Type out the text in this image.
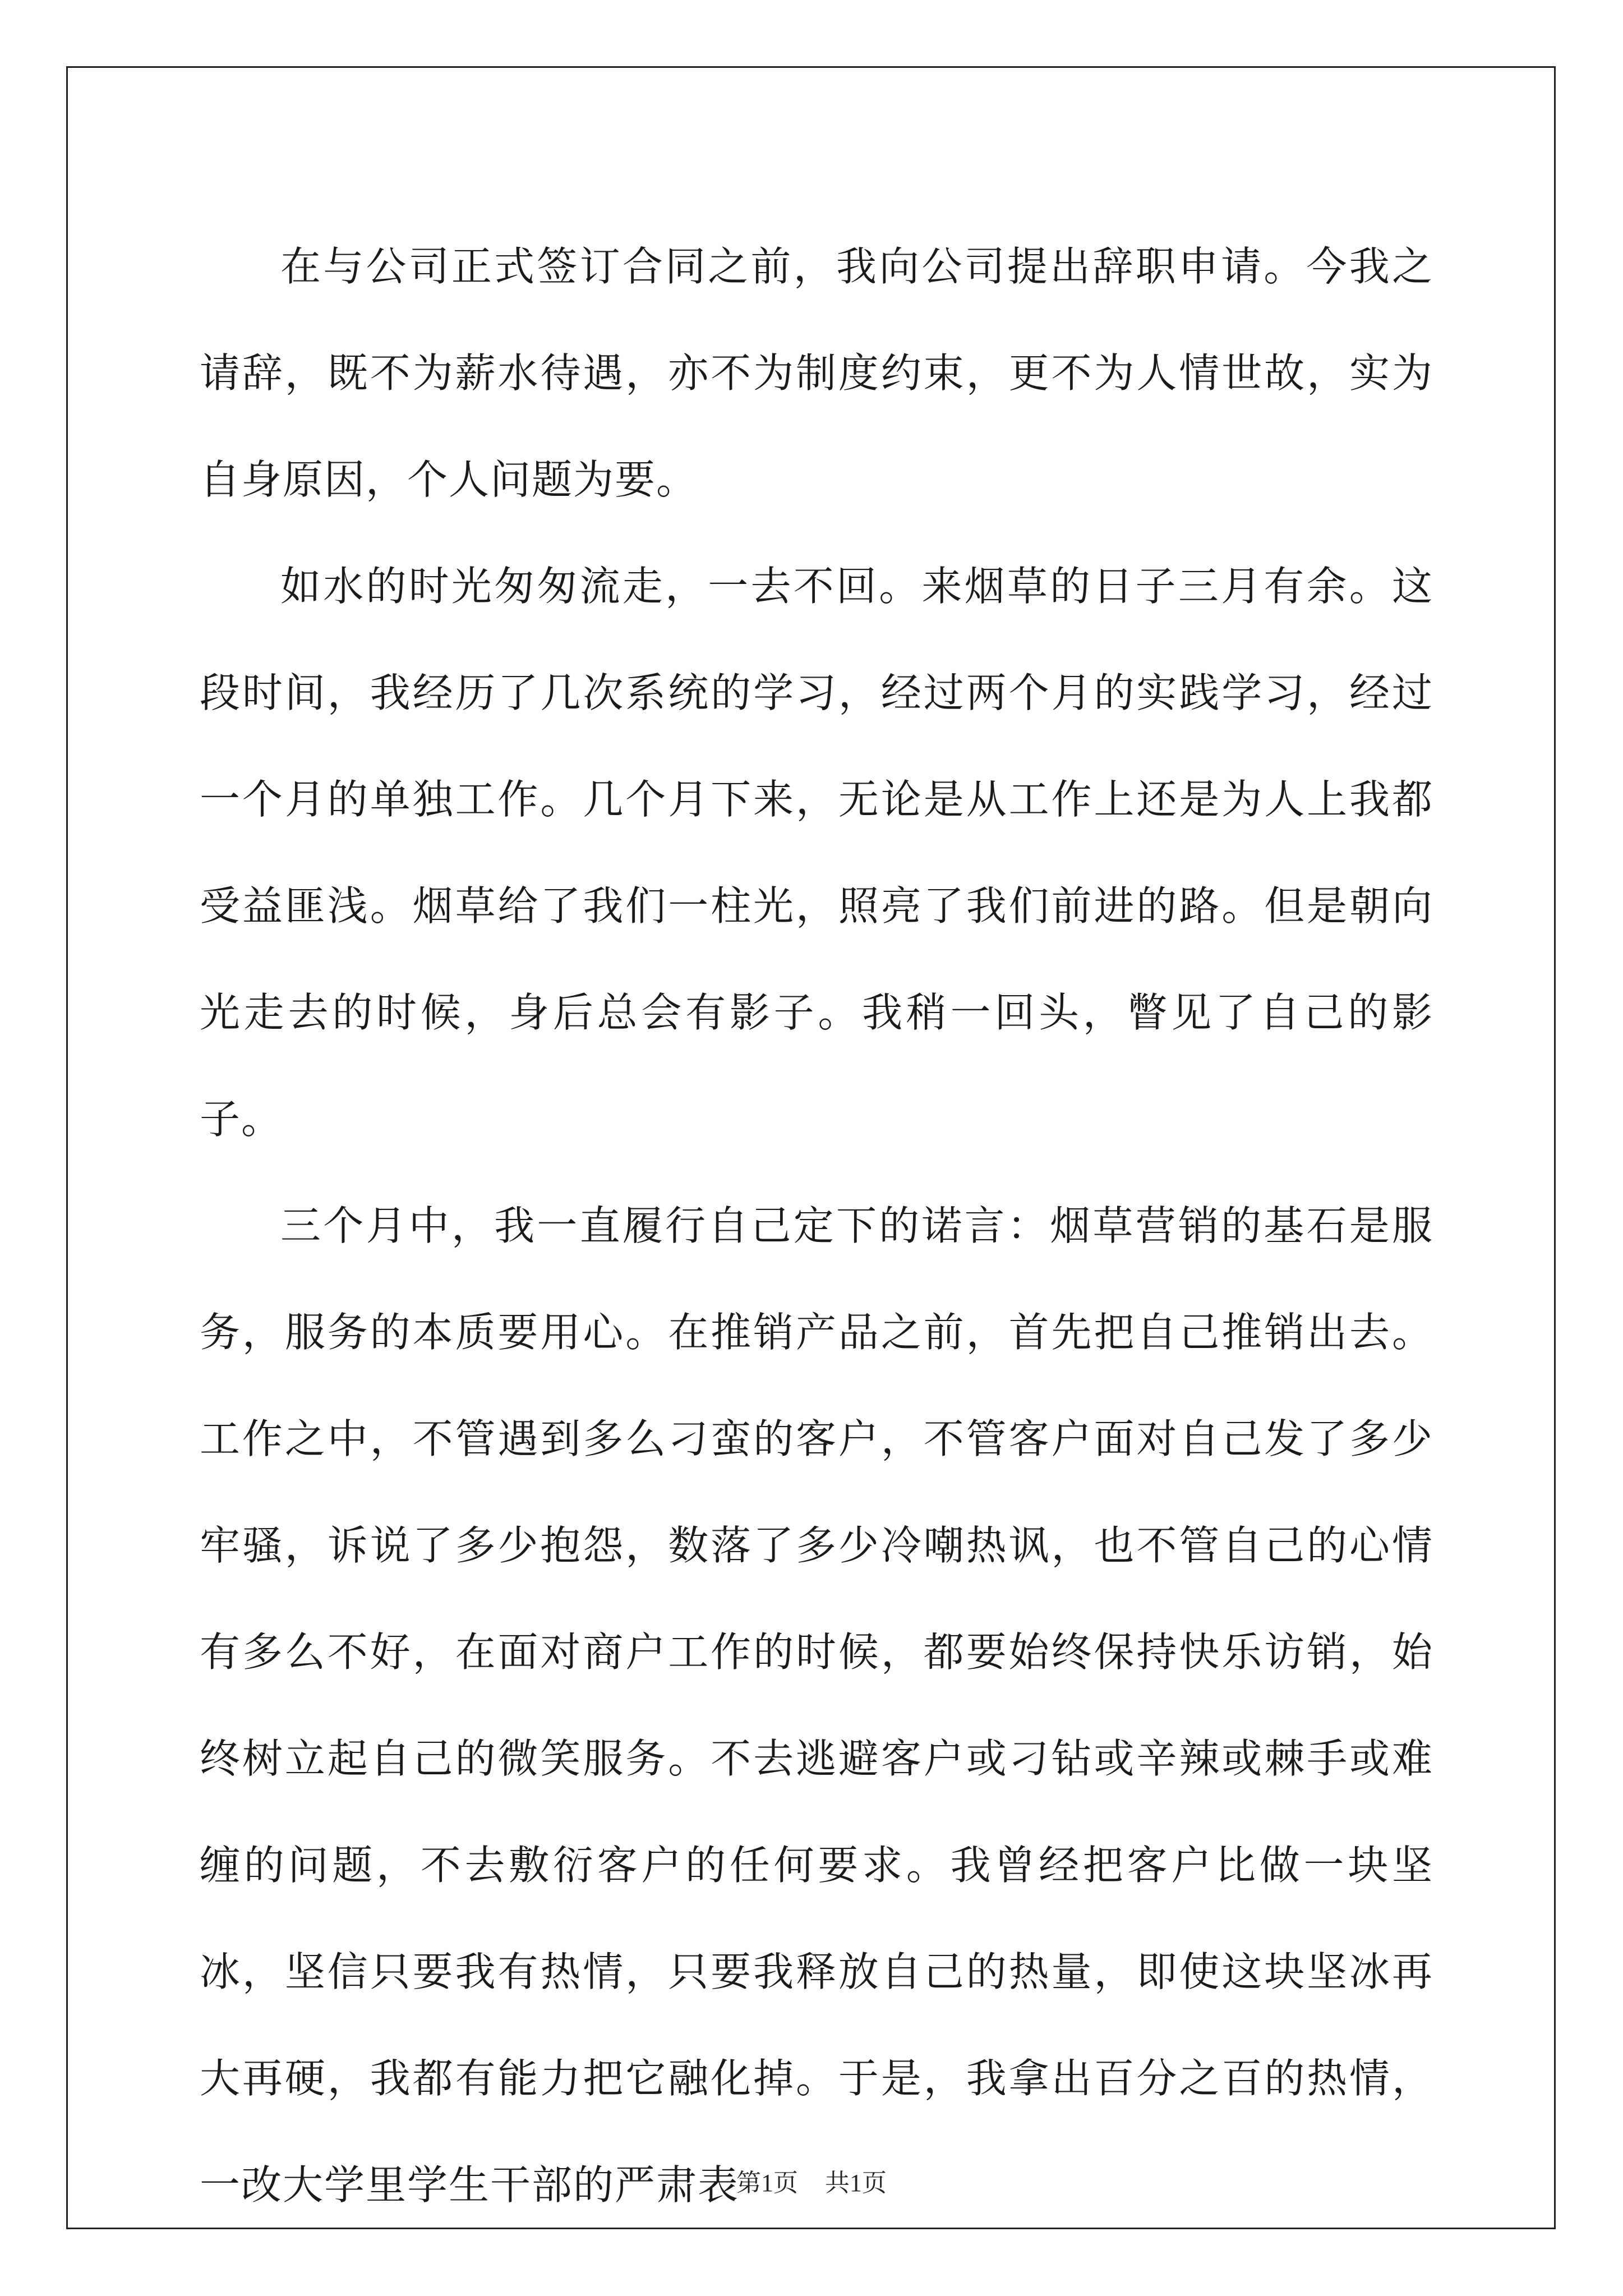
在与公司正式签订合同之前，我向公司提出辞职申请。今我之请辞，既不为薪水待遇，亦不为制度约束，更不为人情世故，实为自身原因，个人问题为要。

如水的时光匆匆流走，一去不回。来烟草的日子三月有余。这段时间，我经历了几次系统的学习，经过两个月的实践学习，经过一个月的单独工作。几个月下来，无论是从工作上还是为人上我都受益匪浅。烟草给了我们一柱光，照亮了我们前进的路。但是朝向光走去的时候，身后总会有影子。我稍一回头，瞥见了自己的影子。

三个月中，我一直履行自己定下的诺言：烟草营销的基石是服务，服务的本质要用心。在推销产品之前，首先把自己推销出去。工作之中，不管遇到多么刁蛮的客户，不管客户面对自己发了多少牢骚，诉说了多少抱怨，数落了多少冷嘲热讽，也不管自己的心情有多么不好，在面对商户工作的时候，都要始终保持快乐访销，始终树立起自己的微笑服务。不去逃避客户或刁钻或辛辣或棘手或难缠的问题，不去敷衍客户的任何要求。我曾经把客户比做一块坚冰，坚信只要我有热情，只要我释放自己的热量，即使这块坚冰再大再硬，我都有能力把它融化掉。于是，我拿出百分之百的热情，一改大学里学生干部的严肃表

第1页 共1页
